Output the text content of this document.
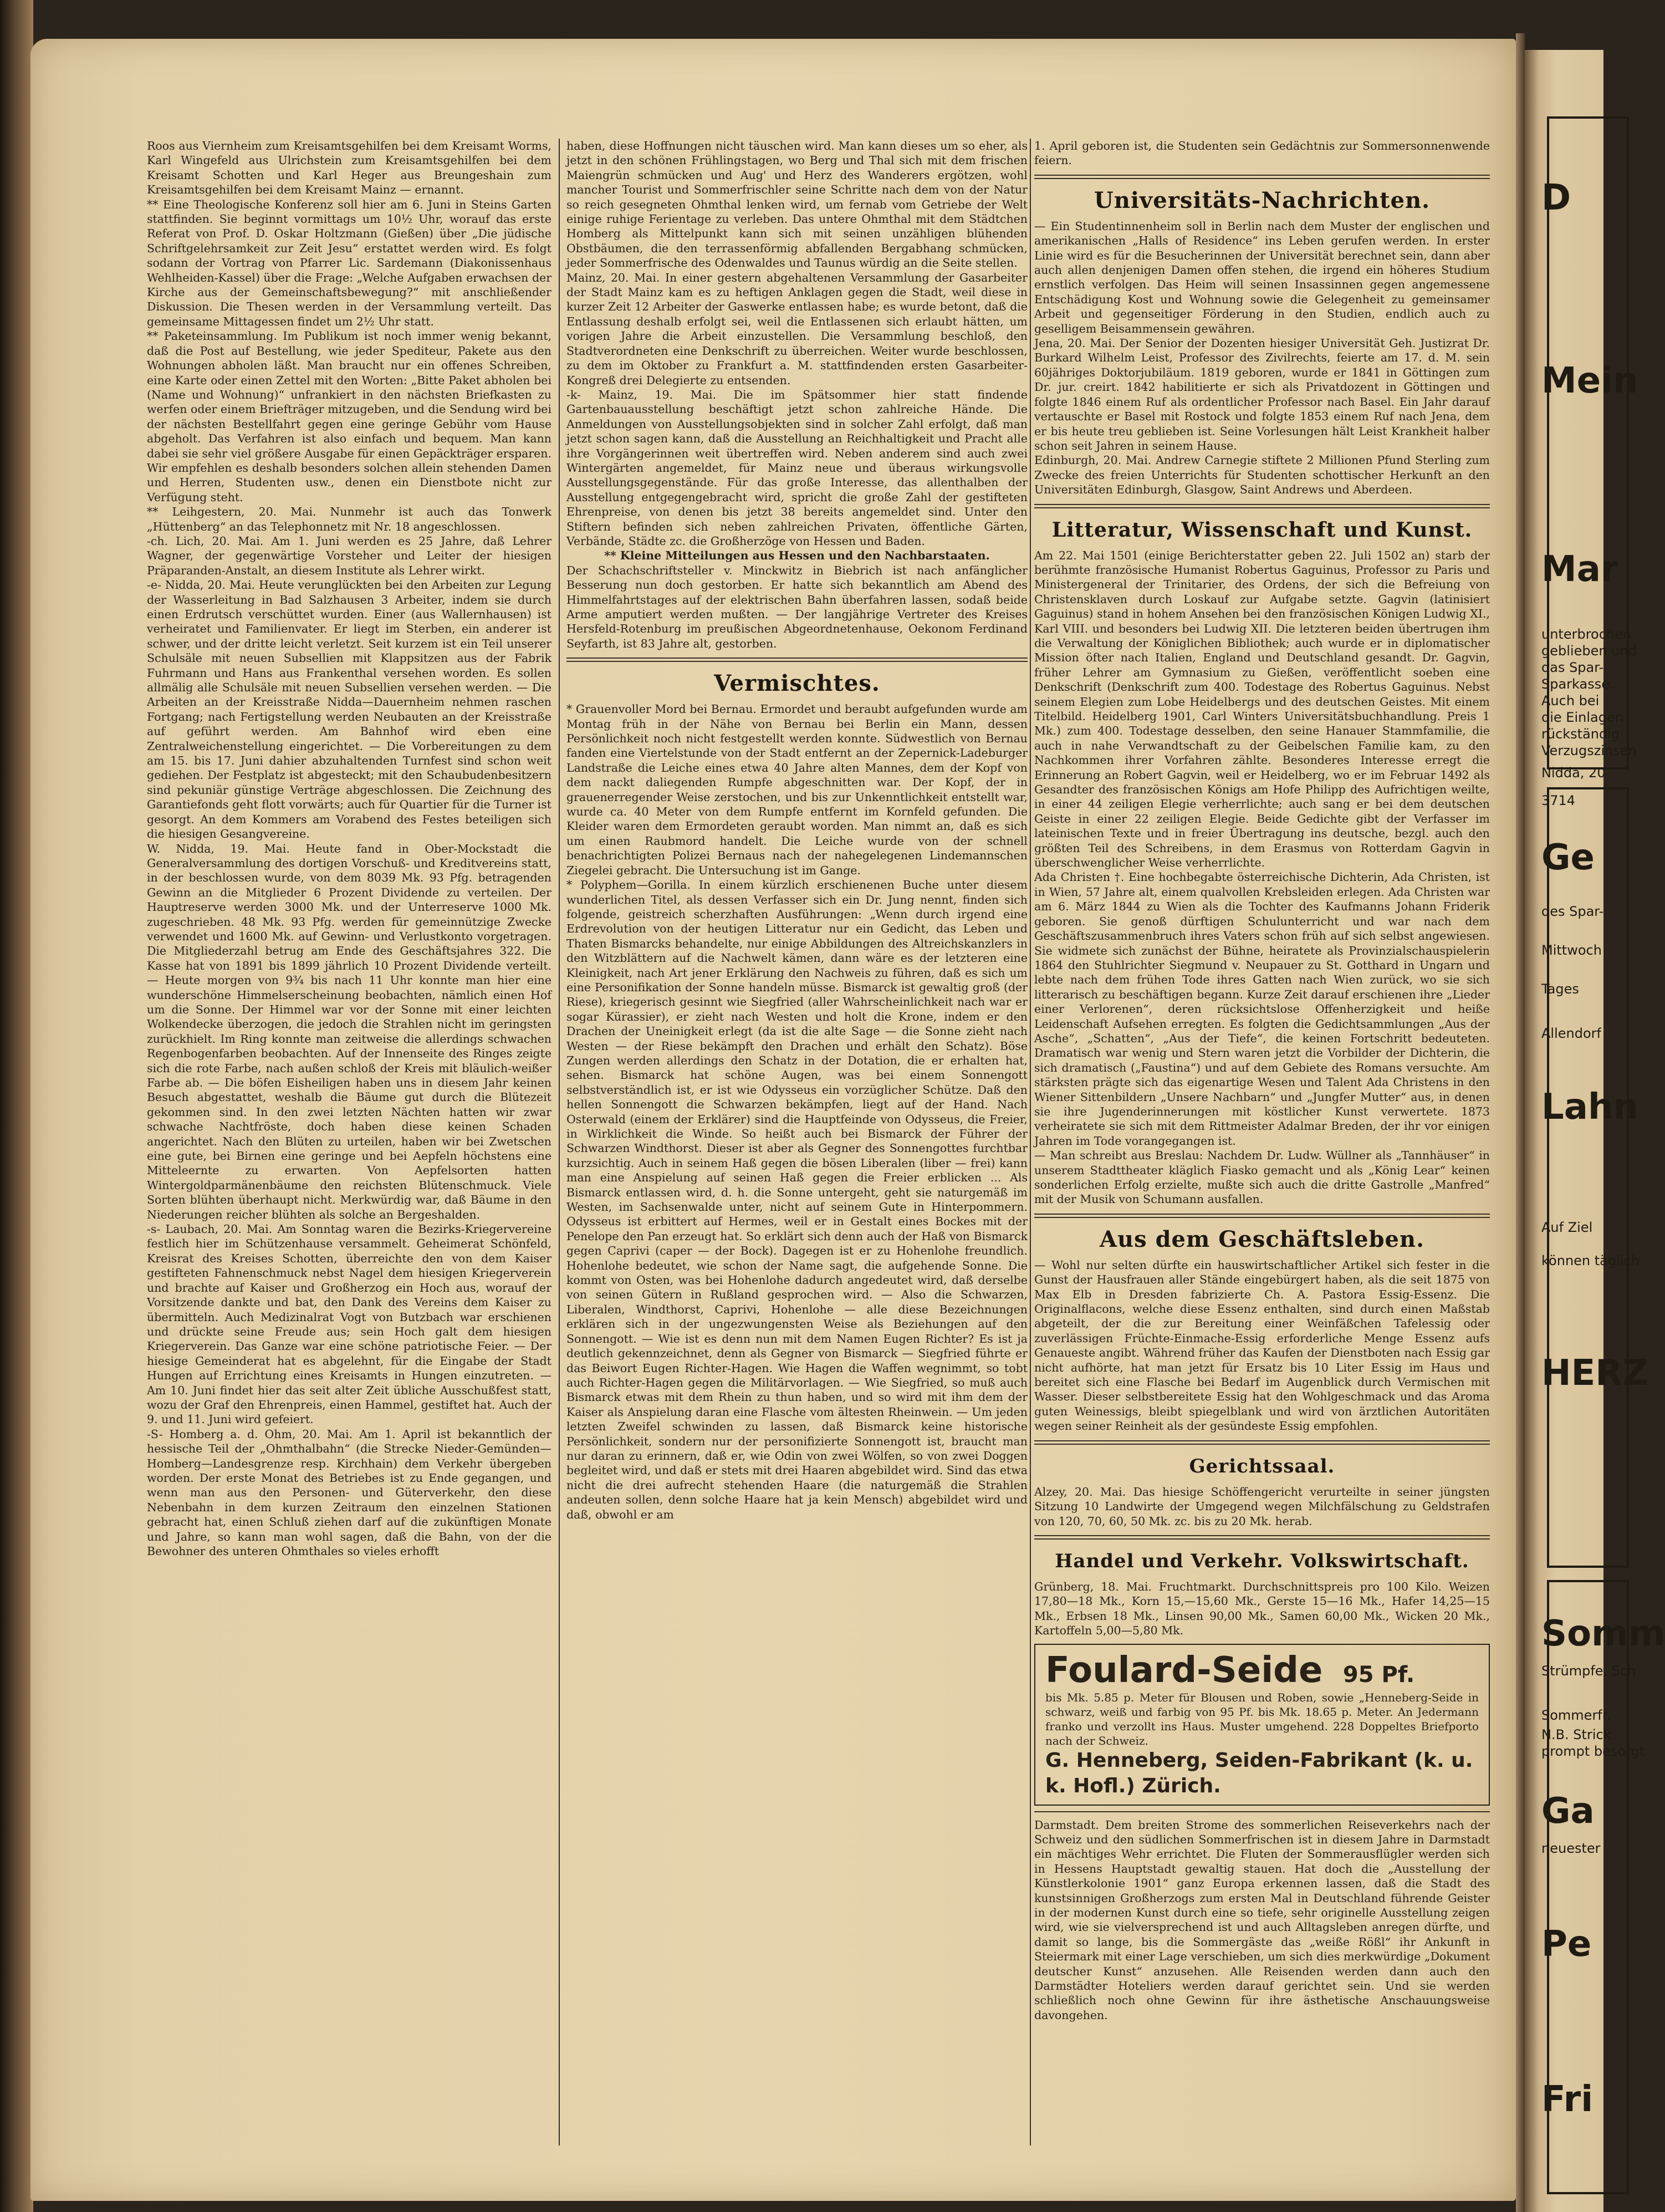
D
Mein
Mar
unterbrochen
geblieben und
das Spar-
Sparkasse.
Auch bei
die Einlagen
rückständig
Verzugszinsen
Nidda, 20
3714
Ge
des Spar-
Mittwoch
Tages
Allendorf
Lahn
Auf Ziel
können täglich
HERZ
Somm
Strümpfe, Sch
Sommerfr.
N.B. Strick
prompt besorgt
Ga
neuester
Pe
Fri

Roos aus Viernheim zum Kreisamtsgehilfen bei dem Kreisamt Worms, Karl Wingefeld aus Ulrichstein zum Kreisamtsgehilfen bei dem Kreisamt Schotten und Karl Heger aus Breungeshain zum Kreisamtsgehilfen bei dem Kreisamt Mainz — ernannt.

** Eine Theologische Konferenz soll hier am 6. Juni in Steins Garten stattfinden. Sie beginnt vormittags um 10½ Uhr, worauf das erste Referat von Prof. D. Oskar Holtzmann (Gießen) über „Die jüdische Schriftgelehrsamkeit zur Zeit Jesu“ erstattet werden wird. Es folgt sodann der Vortrag von Pfarrer Lic. Sardemann (Diakonissenhaus Wehlheiden-Kassel) über die Frage: „Welche Aufgaben erwachsen der Kirche aus der Gemeinschaftsbewegung?“ mit anschließender Diskussion. Die Thesen werden in der Versammlung verteilt. Das gemeinsame Mittagessen findet um 2½ Uhr statt.

** Paketeinsammlung. Im Publikum ist noch immer wenig bekannt, daß die Post auf Bestellung, wie jeder Spediteur, Pakete aus den Wohnungen abholen läßt. Man braucht nur ein offenes Schreiben, eine Karte oder einen Zettel mit den Worten: „Bitte Paket abholen bei (Name und Wohnung)“ unfrankiert in den nächsten Briefkasten zu werfen oder einem Briefträger mitzugeben, und die Sendung wird bei der nächsten Bestellfahrt gegen eine geringe Gebühr vom Hause abgeholt. Das Verfahren ist also einfach und bequem. Man kann dabei sie sehr viel größere Ausgabe für einen Gepäckträger ersparen. Wir empfehlen es deshalb besonders solchen allein stehenden Damen und Herren, Studenten usw., denen ein Dienstbote nicht zur Verfügung steht.

** Leihgestern, 20. Mai. Nunmehr ist auch das Tonwerk „Hüttenberg“ an das Telephonnetz mit Nr. 18 angeschlossen.

-ch. Lich, 20. Mai. Am 1. Juni werden es 25 Jahre, daß Lehrer Wagner, der gegenwärtige Vorsteher und Leiter der hiesigen Präparanden-Anstalt, an diesem Institute als Lehrer wirkt.

-e- Nidda, 20. Mai. Heute verunglückten bei den Arbeiten zur Legung der Wasserleitung in Bad Salzhausen 3 Arbeiter, indem sie durch einen Erdrutsch verschüttet wurden. Einer (aus Wallernhausen) ist verheiratet und Familienvater. Er liegt im Sterben, ein anderer ist schwer, und der dritte leicht verletzt. Seit kurzem ist ein Teil unserer Schulsäle mit neuen Subsellien mit Klappsitzen aus der Fabrik Fuhrmann und Hans aus Frankenthal versehen worden. Es sollen allmälig alle Schulsäle mit neuen Subsellien versehen werden. — Die Arbeiten an der Kreisstraße Nidda—Dauernheim nehmen raschen Fortgang; nach Fertigstellung werden Neubauten an der Kreisstraße auf geführt werden. Am Bahnhof wird eben eine Zentralweichenstellung eingerichtet. — Die Vorbereitungen zu dem am 15. bis 17. Juni dahier abzuhaltenden Turnfest sind schon weit gediehen. Der Festplatz ist abgesteckt; mit den Schaubudenbesitzern sind pekuniär günstige Verträge abgeschlossen. Die Zeichnung des Garantiefonds geht flott vorwärts; auch für Quartier für die Turner ist gesorgt. An dem Kommers am Vorabend des Festes beteiligen sich die hiesigen Gesangvereine.

W. Nidda, 19. Mai. Heute fand in Ober-Mockstadt die Generalversammlung des dortigen Vorschuß- und Kreditvereins statt, in der beschlossen wurde, von dem 8039 Mk. 93 Pfg. betragenden Gewinn an die Mitglieder 6 Prozent Dividende zu verteilen. Der Hauptreserve werden 3000 Mk. und der Unterreserve 1000 Mk. zugeschrieben. 48 Mk. 93 Pfg. werden für gemeinnützige Zwecke verwendet und 1600 Mk. auf Gewinn- und Verlustkonto vorgetragen. Die Mitgliederzahl betrug am Ende des Geschäftsjahres 322. Die Kasse hat von 1891 bis 1899 jährlich 10 Prozent Dividende verteilt. — Heute morgen von 9¾ bis nach 11 Uhr konnte man hier eine wunderschöne Himmelserscheinung beobachten, nämlich einen Hof um die Sonne. Der Himmel war vor der Sonne mit einer leichten Wolkendecke überzogen, die jedoch die Strahlen nicht im geringsten zurückhielt. Im Ring konnte man zeitweise die allerdings schwachen Regenbogenfarben beobachten. Auf der Innenseite des Ringes zeigte sich die rote Farbe, nach außen schloß der Kreis mit bläulich-weißer Farbe ab. — Die böfen Eisheiligen haben uns in diesem Jahr keinen Besuch abgestattet, weshalb die Bäume gut durch die Blütezeit gekommen sind. In den zwei letzten Nächten hatten wir zwar schwache Nachtfröste, doch haben diese keinen Schaden angerichtet. Nach den Blüten zu urteilen, haben wir bei Zwetschen eine gute, bei Birnen eine geringe und bei Aepfeln höchstens eine Mitteleernte zu erwarten. Von Aepfelsorten hatten Wintergoldparmänenbäume den reichsten Blütenschmuck. Viele Sorten blühten überhaupt nicht. Merkwürdig war, daß Bäume in den Niederungen reicher blühten als solche an Bergeshalden.

-s- Laubach, 20. Mai. Am Sonntag waren die Bezirks-Kriegervereine festlich hier im Schützenhause versammelt. Geheimerat Schönfeld, Kreisrat des Kreises Schotten, überreichte den von dem Kaiser gestifteten Fahnenschmuck nebst Nagel dem hiesigen Kriegerverein und brachte auf Kaiser und Großherzog ein Hoch aus, worauf der Vorsitzende dankte und bat, den Dank des Vereins dem Kaiser zu übermitteln. Auch Medizinalrat Vogt von Butzbach war erschienen und drückte seine Freude aus; sein Hoch galt dem hiesigen Kriegerverein. Das Ganze war eine schöne patriotische Feier. — Der hiesige Gemeinderat hat es abgelehnt, für die Eingabe der Stadt Hungen auf Errichtung eines Kreisamts in Hungen einzutreten. — Am 10. Juni findet hier das seit alter Zeit übliche Ausschußfest statt, wozu der Graf den Ehrenpreis, einen Hammel, gestiftet hat. Auch der 9. und 11. Juni wird gefeiert.

-S- Homberg a. d. Ohm, 20. Mai. Am 1. April ist bekanntlich der hessische Teil der „Ohmthalbahn“ (die Strecke Nieder-Gemünden—Homberg—Landesgrenze resp. Kirchhain) dem Verkehr übergeben worden. Der erste Monat des Betriebes ist zu Ende gegangen, und wenn man aus den Personen- und Güterverkehr, den diese Nebenbahn in dem kurzen Zeitraum den einzelnen Stationen gebracht hat, einen Schluß ziehen darf auf die zukünftigen Monate und Jahre, so kann man wohl sagen, daß die Bahn, von der die Bewohner des unteren Ohmthales so vieles erhofft

haben, diese Hoffnungen nicht täuschen wird. Man kann dieses um so eher, als jetzt in den schönen Frühlingstagen, wo Berg und Thal sich mit dem frischen Maiengrün schmücken und Aug' und Herz des Wanderers ergötzen, wohl mancher Tourist und Sommerfrischler seine Schritte nach dem von der Natur so reich gesegneten Ohmthal lenken wird, um fernab vom Getriebe der Welt einige ruhige Ferientage zu verleben. Das untere Ohmthal mit dem Städtchen Homberg als Mittelpunkt kann sich mit seinen unzähligen blühenden Obstbäumen, die den terrassenförmig abfallenden Bergabhang schmücken, jeder Sommerfrische des Odenwaldes und Taunus würdig an die Seite stellen.

Mainz, 20. Mai. In einer gestern abgehaltenen Versammlung der Gasarbeiter der Stadt Mainz kam es zu heftigen Anklagen gegen die Stadt, weil diese in kurzer Zeit 12 Arbeiter der Gaswerke entlassen habe; es wurde betont, daß die Entlassung deshalb erfolgt sei, weil die Entlassenen sich erlaubt hätten, um vorigen Jahre die Arbeit einzustellen. Die Versammlung beschloß, den Stadtverordneten eine Denkschrift zu überreichen. Weiter wurde beschlossen, zu dem im Oktober zu Frankfurt a. M. stattfindenden ersten Gasarbeiter-Kongreß drei Delegierte zu entsenden.

-k- Mainz, 19. Mai. Die im Spätsommer hier statt findende Gartenbauausstellung beschäftigt jetzt schon zahlreiche Hände. Die Anmeldungen von Ausstellungsobjekten sind in solcher Zahl erfolgt, daß man jetzt schon sagen kann, daß die Ausstellung an Reichhaltigkeit und Pracht alle ihre Vorgängerinnen weit übertreffen wird. Neben anderem sind auch zwei Wintergärten angemeldet, für Mainz neue und überaus wirkungsvolle Ausstellungsgegenstände. Für das große Interesse, das allenthalben der Ausstellung entgegengebracht wird, spricht die große Zahl der gestifteten Ehrenpreise, von denen bis jetzt 38 bereits angemeldet sind. Unter den Stiftern befinden sich neben zahlreichen Privaten, öffentliche Gärten, Verbände, Städte zc. die Großherzöge von Hessen und Baden.

** Kleine Mitteilungen aus Hessen und den Nachbarstaaten.

Der Schachschriftsteller v. Minckwitz in Biebrich ist nach anfänglicher Besserung nun doch gestorben. Er hatte sich bekanntlich am Abend des Himmelfahrtstages auf der elektrischen Bahn überfahren lassen, sodaß beide Arme amputiert werden mußten. — Der langjährige Vertreter des Kreises Hersfeld-Rotenburg im preußischen Abgeordnetenhause, Oekonom Ferdinand Seyfarth, ist 83 Jahre alt, gestorben.

Vermischtes.

* Grauenvoller Mord bei Bernau. Ermordet und beraubt aufgefunden wurde am Montag früh in der Nähe von Bernau bei Berlin ein Mann, dessen Persönlichkeit noch nicht festgestellt werden konnte. Südwestlich von Bernau fanden eine Viertelstunde von der Stadt entfernt an der Zepernick-Ladeburger Landstraße die Leiche eines etwa 40 Jahre alten Mannes, dem der Kopf von dem nackt daliegenden Rumpfe abgeschnitten war. Der Kopf, der in grauenerregender Weise zerstochen, und bis zur Unkenntlichkeit entstellt war, wurde ca. 40 Meter von dem Rumpfe entfernt im Kornfeld gefunden. Die Kleider waren dem Ermordeten geraubt worden. Man nimmt an, daß es sich um einen Raubmord handelt. Die Leiche wurde von der schnell benachrichtigten Polizei Bernaus nach der nahegelegenen Lindemannschen Ziegelei gebracht. Die Untersuchung ist im Gange.

* Polyphem—Gorilla. In einem kürzlich erschienenen Buche unter diesem wunderlichen Titel, als dessen Verfasser sich ein Dr. Jung nennt, finden sich folgende, geistreich scherzhaften Ausführungen: „Wenn durch irgend eine Erdrevolution von der heutigen Litteratur nur ein Gedicht, das Leben und Thaten Bismarcks behandelte, nur einige Abbildungen des Altreichskanzlers in den Witzblättern auf die Nachwelt kämen, dann wäre es der letzteren eine Kleinigkeit, nach Art jener Erklärung den Nachweis zu führen, daß es sich um eine Personifikation der Sonne handeln müsse. Bismarck ist gewaltig groß (der Riese), kriegerisch gesinnt wie Siegfried (aller Wahrscheinlichkeit nach war er sogar Kürassier), er zieht nach Westen und holt die Krone, indem er den Drachen der Uneinigkeit erlegt (da ist die alte Sage — die Sonne zieht nach Westen — der Riese bekämpft den Drachen und erhält den Schatz). Böse Zungen werden allerdings den Schatz in der Dotation, die er erhalten hat, sehen. Bismarck hat schöne Augen, was bei einem Sonnengott selbstverständlich ist, er ist wie Odysseus ein vorzüglicher Schütze. Daß den hellen Sonnengott die Schwarzen bekämpfen, liegt auf der Hand. Nach Osterwald (einem der Erklärer) sind die Hauptfeinde von Odysseus, die Freier, in Wirklichkeit die Winde. So heißt auch bei Bismarck der Führer der Schwarzen Windthorst. Dieser ist aber als Gegner des Sonnengottes furchtbar kurzsichtig. Auch in seinem Haß gegen die bösen Liberalen (liber — frei) kann man eine Anspielung auf seinen Haß gegen die Freier erblicken ... Als Bismarck entlassen wird, d. h. die Sonne untergeht, geht sie naturgemäß im Westen, im Sachsenwalde unter, nicht auf seinem Gute in Hinterpommern. Odysseus ist erbittert auf Hermes, weil er in Gestalt eines Bockes mit der Penelope den Pan erzeugt hat. So erklärt sich denn auch der Haß von Bismarck gegen Caprivi (caper — der Bock). Dagegen ist er zu Hohenlohe freundlich. Hohenlohe bedeutet, wie schon der Name sagt, die aufgehende Sonne. Die kommt von Osten, was bei Hohenlohe dadurch angedeutet wird, daß derselbe von seinen Gütern in Rußland gesprochen wird. — Also die Schwarzen, Liberalen, Windthorst, Caprivi, Hohenlohe — alle diese Bezeichnungen erklären sich in der ungezwungensten Weise als Beziehungen auf den Sonnengott. — Wie ist es denn nun mit dem Namen Eugen Richter? Es ist ja deutlich gekennzeichnet, denn als Gegner von Bismarck — Siegfried führte er das Beiwort Eugen Richter-Hagen. Wie Hagen die Waffen wegnimmt, so tobt auch Richter-Hagen gegen die Militärvorlagen. — Wie Siegfried, so muß auch Bismarck etwas mit dem Rhein zu thun haben, und so wird mit ihm dem der Kaiser als Anspielung daran eine Flasche vom ältesten Rheinwein. — Um jeden letzten Zweifel schwinden zu lassen, daß Bismarck keine historische Persönlichkeit, sondern nur der personifizierte Sonnengott ist, braucht man nur daran zu erinnern, daß er, wie Odin von zwei Wölfen, so von zwei Doggen begleitet wird, und daß er stets mit drei Haaren abgebildet wird. Sind das etwa nicht die drei aufrecht stehenden Haare (die naturgemäß die Strahlen andeuten sollen, denn solche Haare hat ja kein Mensch) abgebildet wird und daß, obwohl er am

1. April geboren ist, die Studenten sein Gedächtnis zur Sommersonnenwende feiern.

Universitäts-Nachrichten.

— Ein Studentinnenheim soll in Berlin nach dem Muster der englischen und amerikanischen „Halls of Residence“ ins Leben gerufen werden. In erster Linie wird es für die Besucherinnen der Universität berechnet sein, dann aber auch allen denjenigen Damen offen stehen, die irgend ein höheres Studium ernstlich verfolgen. Das Heim will seinen Insassinnen gegen angemessene Entschädigung Kost und Wohnung sowie die Gelegenheit zu gemeinsamer Arbeit und gegenseitiger Förderung in den Studien, endlich auch zu geselligem Beisammensein gewähren.

Jena, 20. Mai. Der Senior der Dozenten hiesiger Universität Geh. Justizrat Dr. Burkard Wilhelm Leist, Professor des Zivilrechts, feierte am 17. d. M. sein 60jähriges Doktorjubiläum. 1819 geboren, wurde er 1841 in Göttingen zum Dr. jur. creirt. 1842 habilitierte er sich als Privatdozent in Göttingen und folgte 1846 einem Ruf als ordentlicher Professor nach Basel. Ein Jahr darauf vertauschte er Basel mit Rostock und folgte 1853 einem Ruf nach Jena, dem er bis heute treu geblieben ist. Seine Vorlesungen hält Leist Krankheit halber schon seit Jahren in seinem Hause.

Edinburgh, 20. Mai. Andrew Carnegie stiftete 2 Millionen Pfund Sterling zum Zwecke des freien Unterrichts für Studenten schottischer Herkunft an den Universitäten Edinburgh, Glasgow, Saint Andrews und Aberdeen.

Litteratur, Wissenschaft und Kunst.

Am 22. Mai 1501 (einige Berichterstatter geben 22. Juli 1502 an) starb der berühmte französische Humanist Robertus Gaguinus, Professor zu Paris und Ministergeneral der Trinitarier, des Ordens, der sich die Befreiung von Christensklaven durch Loskauf zur Aufgabe setzte. Gagvin (latinisiert Gaguinus) stand in hohem Ansehen bei den französischen Königen Ludwig XI., Karl VIII. und besonders bei Ludwig XII. Die letzteren beiden übertrugen ihm die Verwaltung der Königlichen Bibliothek; auch wurde er in diplomatischer Mission öfter nach Italien, England und Deutschland gesandt. Dr. Gagvin, früher Lehrer am Gymnasium zu Gießen, veröffentlicht soeben eine Denkschrift (Denkschrift zum 400. Todestage des Robertus Gaguinus. Nebst seinem Elegien zum Lobe Heidelbergs und des deutschen Geistes. Mit einem Titelbild. Heidelberg 1901, Carl Winters Universitätsbuchhandlung. Preis 1 Mk.) zum 400. Todestage desselben, den seine Hanauer Stammfamilie, die auch in nahe Verwandtschaft zu der Geibelschen Familie kam, zu den Nachkommen ihrer Vorfahren zählte. Besonderes Interesse erregt die Erinnerung an Robert Gagvin, weil er Heidelberg, wo er im Februar 1492 als Gesandter des französischen Königs am Hofe Philipp des Aufrichtigen weilte, in einer 44 zeiligen Elegie verherrlichte; auch sang er bei dem deutschen Geiste in einer 22 zeiligen Elegie. Beide Gedichte gibt der Verfasser im lateinischen Texte und in freier Übertragung ins deutsche, bezgl. auch den größten Teil des Schreibens, in dem Erasmus von Rotterdam Gagvin in überschwenglicher Weise verherrlichte.

Ada Christen †. Eine hochbegabte österreichische Dichterin, Ada Christen, ist in Wien, 57 Jahre alt, einem qualvollen Krebsleiden erlegen. Ada Christen war am 6. März 1844 zu Wien als die Tochter des Kaufmanns Johann Friderik geboren. Sie genoß dürftigen Schulunterricht und war nach dem Geschäftszusammenbruch ihres Vaters schon früh auf sich selbst angewiesen. Sie widmete sich zunächst der Bühne, heiratete als Provinzialschauspielerin 1864 den Stuhlrichter Siegmund v. Neupauer zu St. Gotthard in Ungarn und lebte nach dem frühen Tode ihres Gatten nach Wien zurück, wo sie sich litterarisch zu beschäftigen begann. Kurze Zeit darauf erschienen ihre „Lieder einer Verlorenen“, deren rücksichtslose Offenherzigkeit und heiße Leidenschaft Aufsehen erregten. Es folgten die Gedichtsammlungen „Aus der Asche“, „Schatten“, „Aus der Tiefe“, die keinen Fortschritt bedeuteten. Dramatisch war wenig und Stern waren jetzt die Vorbilder der Dichterin, die sich dramatisch („Faustina“) und auf dem Gebiete des Romans versuchte. Am stärksten prägte sich das eigenartige Wesen und Talent Ada Christens in den Wiener Sittenbildern „Unsere Nachbarn“ und „Jungfer Mutter“ aus, in denen sie ihre Jugenderinnerungen mit köstlicher Kunst verwertete. 1873 verheiratete sie sich mit dem Rittmeister Adalmar Breden, der ihr vor einigen Jahren im Tode vorangegangen ist.

— Man schreibt aus Breslau: Nachdem Dr. Ludw. Wüllner als „Tannhäuser“ in unserem Stadttheater kläglich Fiasko gemacht und als „König Lear“ keinen sonderlichen Erfolg erzielte, mußte sich auch die dritte Gastrolle „Manfred“ mit der Musik von Schumann ausfallen.

Aus dem Geschäftsleben.

— Wohl nur selten dürfte ein hauswirtschaftlicher Artikel sich fester in die Gunst der Hausfrauen aller Stände eingebürgert haben, als die seit 1875 von Max Elb in Dresden fabrizierte Ch. A. Pastora Essig-Essenz. Die Originalflacons, welche diese Essenz enthalten, sind durch einen Maßstab abgeteilt, der die zur Bereitung einer Weinfäßchen Tafelessig oder zuverlässigen Früchte-Einmache-Essig erforderliche Menge Essenz aufs Genaueste angibt. Während früher das Kaufen der Dienstboten nach Essig gar nicht aufhörte, hat man jetzt für Ersatz bis 10 Liter Essig im Haus und bereitet sich eine Flasche bei Bedarf im Augenblick durch Vermischen mit Wasser. Dieser selbstbereitete Essig hat den Wohlgeschmack und das Aroma guten Weinessigs, bleibt spiegelblank und wird von ärztlichen Autoritäten wegen seiner Reinheit als der gesündeste Essig empfohlen.

Gerichtssaal.

Alzey, 20. Mai. Das hiesige Schöffengericht verurteilte in seiner jüngsten Sitzung 10 Landwirte der Umgegend wegen Milchfälschung zu Geldstrafen von 120, 70, 60, 50 Mk. zc. bis zu 20 Mk. herab.

Handel und Verkehr. Volkswirtschaft.

Grünberg, 18. Mai. Fruchtmarkt. Durchschnittspreis pro 100 Kilo. Weizen 17,80—18 Mk., Korn 15,—15,60 Mk., Gerste 15—16 Mk., Hafer 14,25—15 Mk., Erbsen 18 Mk., Linsen 90,00 Mk., Samen 60,00 Mk., Wicken 20 Mk., Kartoffeln 5,00—5,80 Mk.

Foulard-Seide 95 Pf.
bis Mk. 5.85 p. Meter für Blousen und Roben, sowie „Henneberg-Seide in schwarz, weiß und farbig von 95 Pf. bis Mk. 18.65 p. Meter. An Jedermann franko und verzollt ins Haus. Muster umgehend. 228 Doppeltes Briefporto nach der Schweiz.
G. Henneberg, Seiden-Fabrikant (k. u. k. Hofl.) Zürich.

Darmstadt. Dem breiten Strome des sommerlichen Reiseverkehrs nach der Schweiz und den südlichen Sommerfrischen ist in diesem Jahre in Darmstadt ein mächtiges Wehr errichtet. Die Fluten der Sommerausflügler werden sich in Hessens Hauptstadt gewaltig stauen. Hat doch die „Ausstellung der Künstlerkolonie 1901“ ganz Europa erkennen lassen, daß die Stadt des kunstsinnigen Großherzogs zum ersten Mal in Deutschland führende Geister in der modernen Kunst durch eine so tiefe, sehr originelle Ausstellung zeigen wird, wie sie vielversprechend ist und auch Alltagsleben anregen dürfte, und damit so lange, bis die Sommergäste das „weiße Rößl“ ihr Ankunft in Steiermark mit einer Lage verschieben, um sich dies merkwürdige „Dokument deutscher Kunst“ anzusehen. Alle Reisenden werden dann auch den Darmstädter Hoteliers werden darauf gerichtet sein. Und sie werden schließlich noch ohne Gewinn für ihre ästhetische Anschauungsweise davongehen.
